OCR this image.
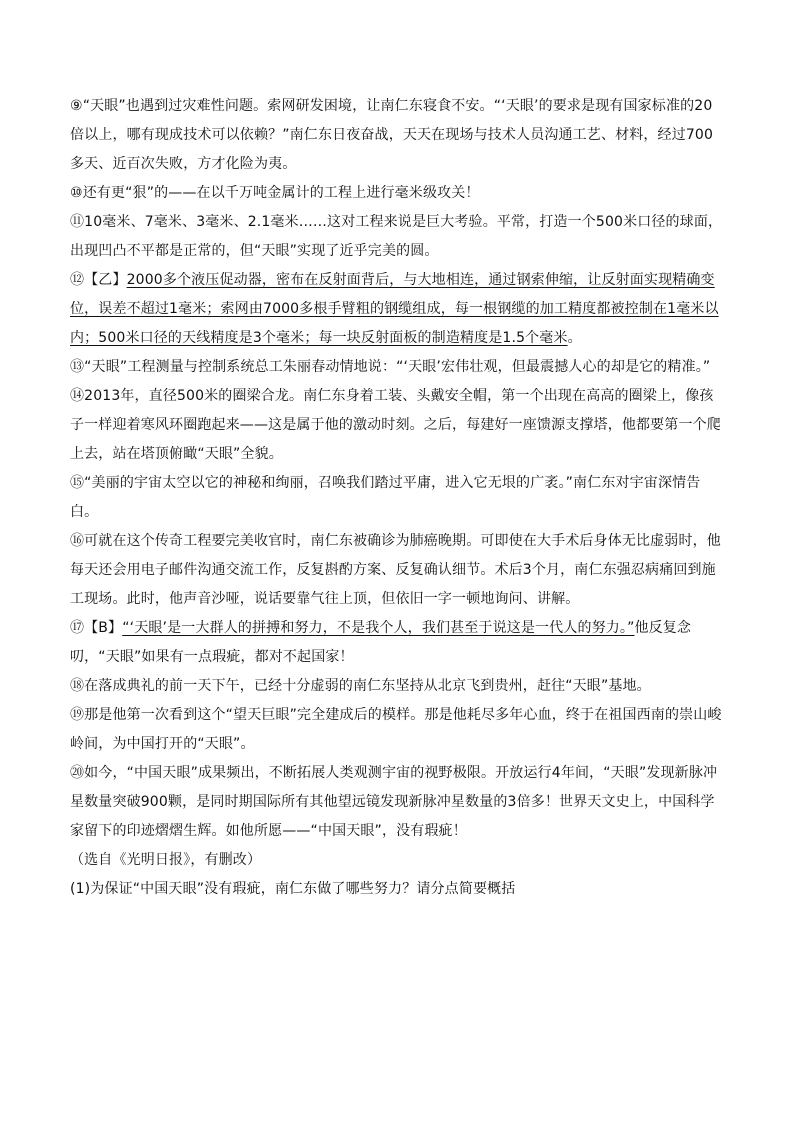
⑨“天眼”也遇到过灾难性问题。索网研发困境，让南仁东寝食不安。“‘天眼’的要求是现有国家标准的20倍以上，哪有现成技术可以依赖？”南仁东日夜奋战，天天在现场与技术人员沟通工艺、材料，经过700多天、近百次失败，方才化险为夷。

⑩还有更“狠”的——在以千万吨金属计的工程上进行毫米级攻关！

⑪10毫米、7毫米、3毫米、2.1毫米……这对工程来说是巨大考验。平常，打造一个500米口径的球面，出现凹凸不平都是正常的，但“天眼”实现了近乎完美的圆。

⑫【乙】2000多个液压促动器，密布在反射面背后，与大地相连，通过钢索伸缩，让反射面实现精确变位，误差不超过1毫米；索网由7000多根手臂粗的钢缆组成，每一根钢缆的加工精度都被控制在1毫米以内；500米口径的天线精度是3个毫米；每一块反射面板的制造精度是1.5个毫米。

⑬“天眼”工程测量与控制系统总工朱丽春动情地说：“‘天眼’宏伟壮观，但最震撼人心的却是它的精准。”

⑭2013年，直径500米的圈梁合龙。南仁东身着工装、头戴安全帽，第一个出现在高高的圈梁上，像孩子一样迎着寒风环圈跑起来——这是属于他的激动时刻。之后，每建好一座馈源支撑塔，他都要第一个爬上去，站在塔顶俯瞰“天眼”全貌。

⑮“美丽的宇宙太空以它的神秘和绚丽，召唤我们踏过平庸，进入它无垠的广袤。”南仁东对宇宙深情告白。

⑯可就在这个传奇工程要完美收官时，南仁东被确诊为肺癌晚期。可即使在大手术后身体无比虚弱时，他每天还会用电子邮件沟通交流工作，反复斟酌方案、反复确认细节。术后3个月，南仁东强忍病痛回到施工现场。此时，他声音沙哑，说话要靠气往上顶，但依旧一字一顿地询问、讲解。

⑰【B】“‘天眼’是一大群人的拼搏和努力，不是我个人，我们甚至于说这是一代人的努力。”他反复念叨，“天眼”如果有一点瑕疵，都对不起国家！

⑱在落成典礼的前一天下午，已经十分虚弱的南仁东坚持从北京飞到贵州，赶往“天眼”基地。

⑲那是他第一次看到这个“望天巨眼”完全建成后的模样。那是他耗尽多年心血，终于在祖国西南的崇山峻岭间，为中国打开的“天眼”。

⑳如今，“中国天眼”成果频出，不断拓展人类观测宇宙的视野极限。开放运行4年间，“天眼”发现新脉冲星数量突破900颗，是同时期国际所有其他望远镜发现新脉冲星数量的3倍多！世界天文史上，中国科学家留下的印迹熠熠生辉。如他所愿——“中国天眼”，没有瑕疵！

（选自《光明日报》，有删改）

(1)为保证“中国天眼”没有瑕疵，南仁东做了哪些努力？请分点简要概括
